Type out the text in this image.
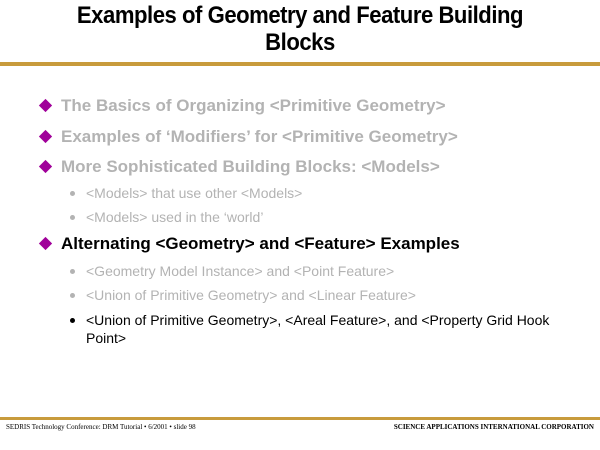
Examples of Geometry and Feature Building
Blocks
The Basics of Organizing <Primitive Geometry>
Examples of ‘Modifiers’ for <Primitive Geometry>
More Sophisticated Building Blocks: <Models>
<Models> that use other <Models>
<Models> used in the ‘world’
Alternating <Geometry> and <Feature> Examples
<Geometry Model Instance> and <Point Feature>
<Union of Primitive Geometry> and <Linear Feature>
<Union of Primitive Geometry>, <Areal Feature>, and <Property Grid Hook Point>
SEDRIS Technology Conference: DRM Tutorial • 6/2001 • slide 98	SCIENCE APPLICATIONS INTERNATIONAL CORPORATION
